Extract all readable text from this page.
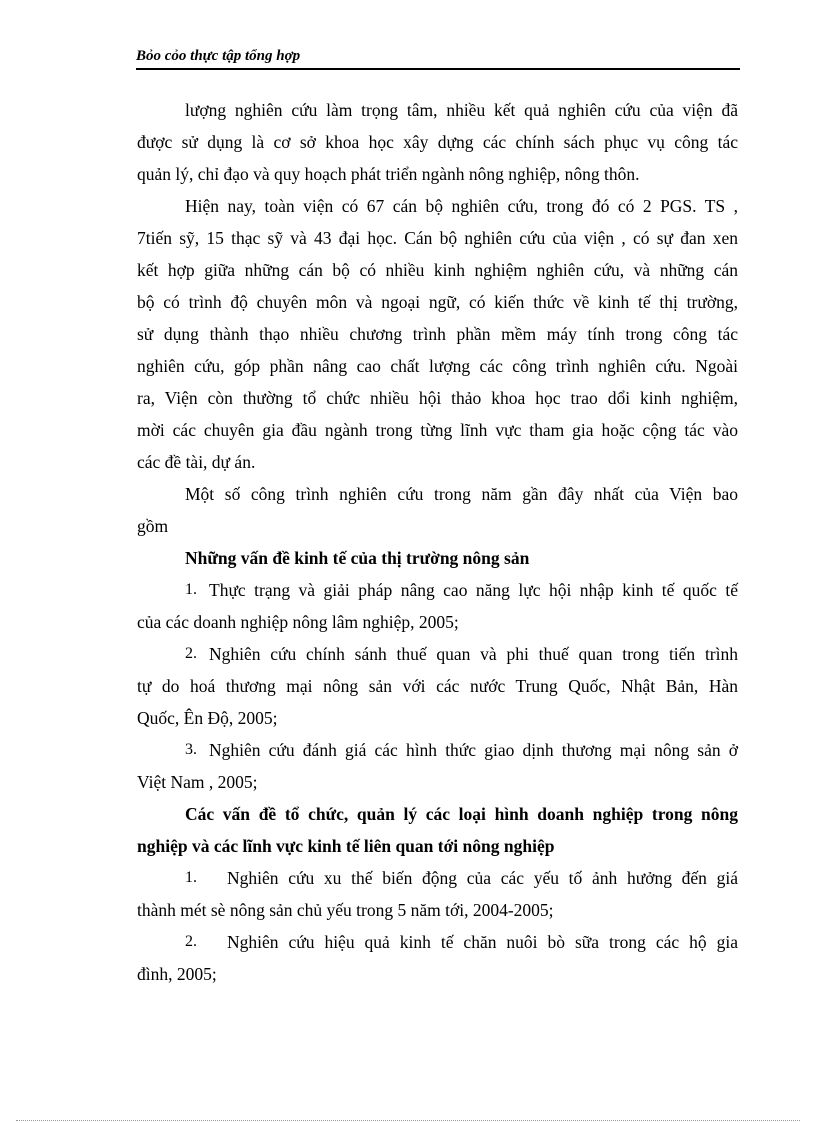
Bỏo cỏo thực tập tổng hợp
lượng nghiên cứu làm trọng tâm, nhiều kết quả nghiên cứu của viện đã
được sử dụng là cơ sở khoa học xây dựng các chính sách phục vụ công tác
quản lý, chỉ đạo và quy hoạch phát triển ngành nông nghiệp, nông thôn.
Hiện nay, toàn viện có 67 cán bộ nghiên cứu, trong đó có 2 PGS. TS ,
7tiến sỹ, 15 thạc sỹ và 43 đại học. Cán bộ nghiên cứu của viện , có sự đan xen
kết hợp giữa những cán bộ có nhiều kinh nghiệm nghiên cứu, và những cán
bộ có trình độ chuyên môn và ngoại ngữ, có kiến thức về kinh tế thị trường,
sử dụng thành thạo nhiều chương trình phần mềm máy tính trong công tác
nghiên cứu, góp phần nâng cao chất lượng các công trình nghiên cứu. Ngoài
ra, Viện còn thường tổ chức nhiều hội thảo khoa học trao dổi kinh nghiệm,
mời các chuyên gia đầu ngành trong từng lĩnh vực tham gia hoặc cộng tác vào
các đề tài, dự án.
Một số công trình nghiên cứu trong năm gần đây nhất của Viện bao
gồm
Những vấn đề kinh tế của thị trường nông sản
1. Thực trạng và giải pháp nâng cao năng lực hội nhập kinh tế quốc tế
của các doanh nghiệp nông lâm nghiệp, 2005;
2. Nghiên cứu chính sánh thuế quan và phi thuế quan trong tiến trình
tự do hoá thương mại nông sản với các nước Trung Quốc, Nhật Bản, Hàn
Quốc, Ên Độ, 2005;
3. Nghiên cứu đánh giá các hình thức giao dịnh thương mại nông sản ở
Việt Nam , 2005;
Các vấn đề tổ chức, quản lý các loại hình doanh nghiệp trong nông
nghiệp và các lĩnh vực kinh tế liên quan tới nông nghiệp
1.	Nghiên cứu xu thế biến động của các yếu tố ảnh hưởng đến giá
thành mét sè nông sản chủ yếu trong 5 năm tới, 2004-2005;
2.	Nghiên cứu hiệu quả kinh tế chăn nuôi bò sữa trong các hộ gia
đình, 2005;
